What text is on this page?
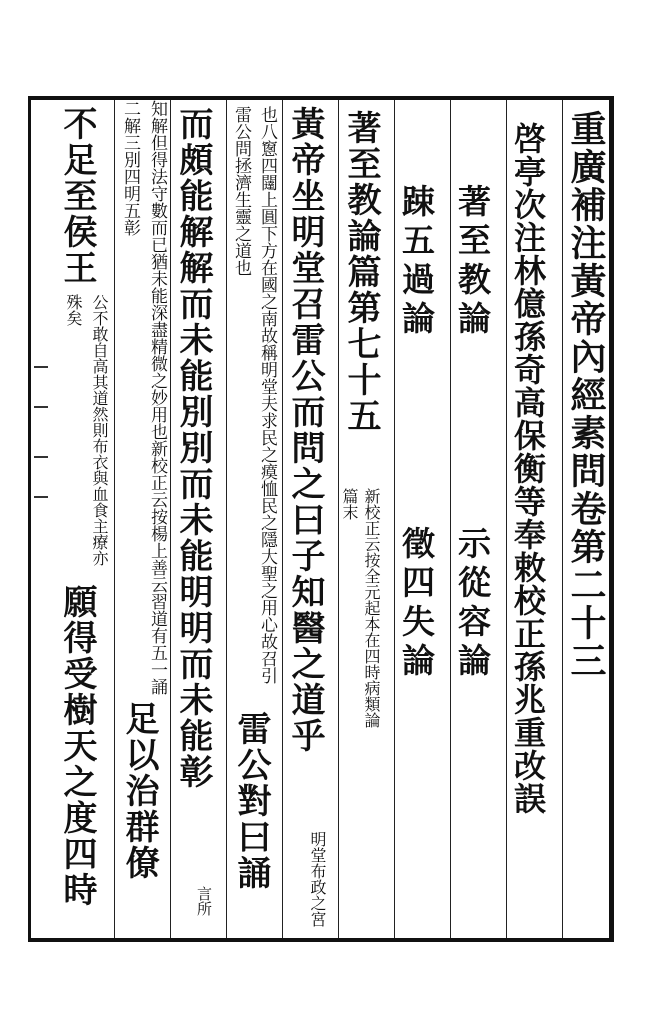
重廣補注黃帝內經素問卷第二十三
啓亭次注林億孫奇高保衡等奉敕校正孫兆重改誤
著至教論
示從容論
踈五過論
徵四失論
著至教論篇第七十五
新校正云按全元起本在四時病類論篇末
黃帝坐明堂召雷公而問之曰子知醫之道乎
明堂布政之宮
也八窻四闥上圓下方在國之南故稱明堂夫求民之瘼恤民之隱大聖之用心故召引雷公問拯濟生靈之道也
雷公對曰誦
而頗能解解而未能別別而未能明明而未能彰
言所
知解但得法守數而已猶未能深盡精微之妙用也新校正云按楊上善云習道有五一誦二解三別四明五彰
足以治群僚
不足至侯王
公不敢自高其道然則布衣與血食主療亦殊矣
願得受樹天之度四時
